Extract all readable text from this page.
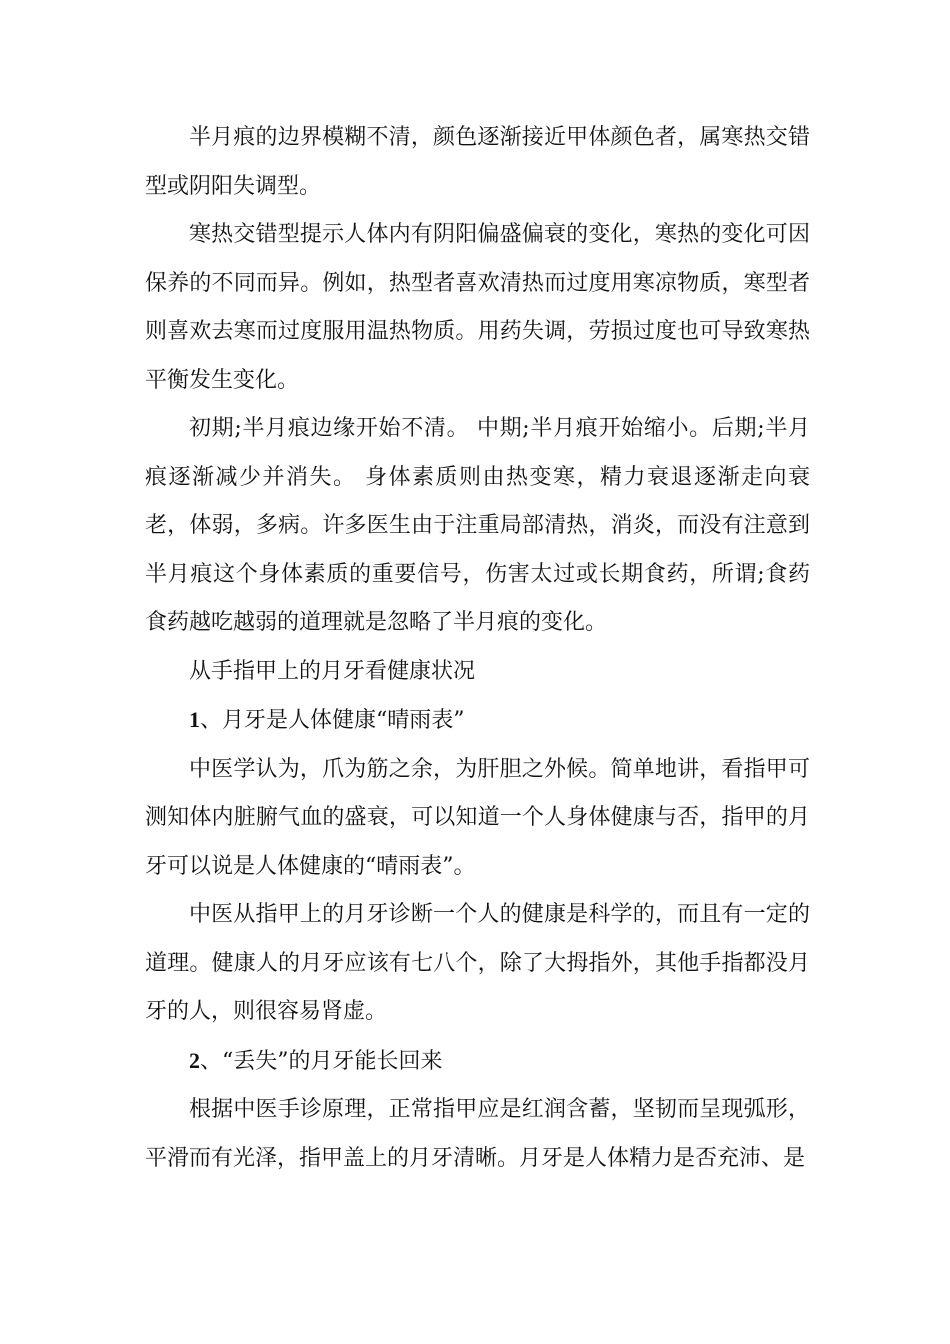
半月痕的边界模糊不清，颜色逐渐接近甲体颜色者，属寒热交错型或阴阳失调型。

寒热交错型提示人体内有阴阳偏盛偏衰的变化，寒热的变化可因保养的不同而异。例如，热型者喜欢清热而过度用寒凉物质，寒型者则喜欢去寒而过度服用温热物质。用药失调，劳损过度也可导致寒热平衡发生变化。

初期;半月痕边缘开始不清。 中期;半月痕开始缩小。后期;半月痕逐渐减少并消失。 身体素质则由热变寒，精力衰退逐渐走向衰老，体弱，多病。许多医生由于注重局部清热，消炎，而没有注意到半月痕这个身体素质的重要信号，伤害太过或长期食药，所谓;食药食药越吃越弱的道理就是忽略了半月痕的变化。

从手指甲上的月牙看健康状况

1、月牙是人体健康“晴雨表”

中医学认为，爪为筋之余，为肝胆之外候。简单地讲，看指甲可测知体内脏腑气血的盛衰，可以知道一个人身体健康与否，指甲的月牙可以说是人体健康的“晴雨表”。

中医从指甲上的月牙诊断一个人的健康是科学的，而且有一定的道理。健康人的月牙应该有七八个，除了大拇指外，其他手指都没月牙的人，则很容易肾虚。

2、“丢失”的月牙能长回来

根据中医手诊原理，正常指甲应是红润含蓄，坚韧而呈现弧形，平滑而有光泽，指甲盖上的月牙清晰。月牙是人体精力是否充沛、是
